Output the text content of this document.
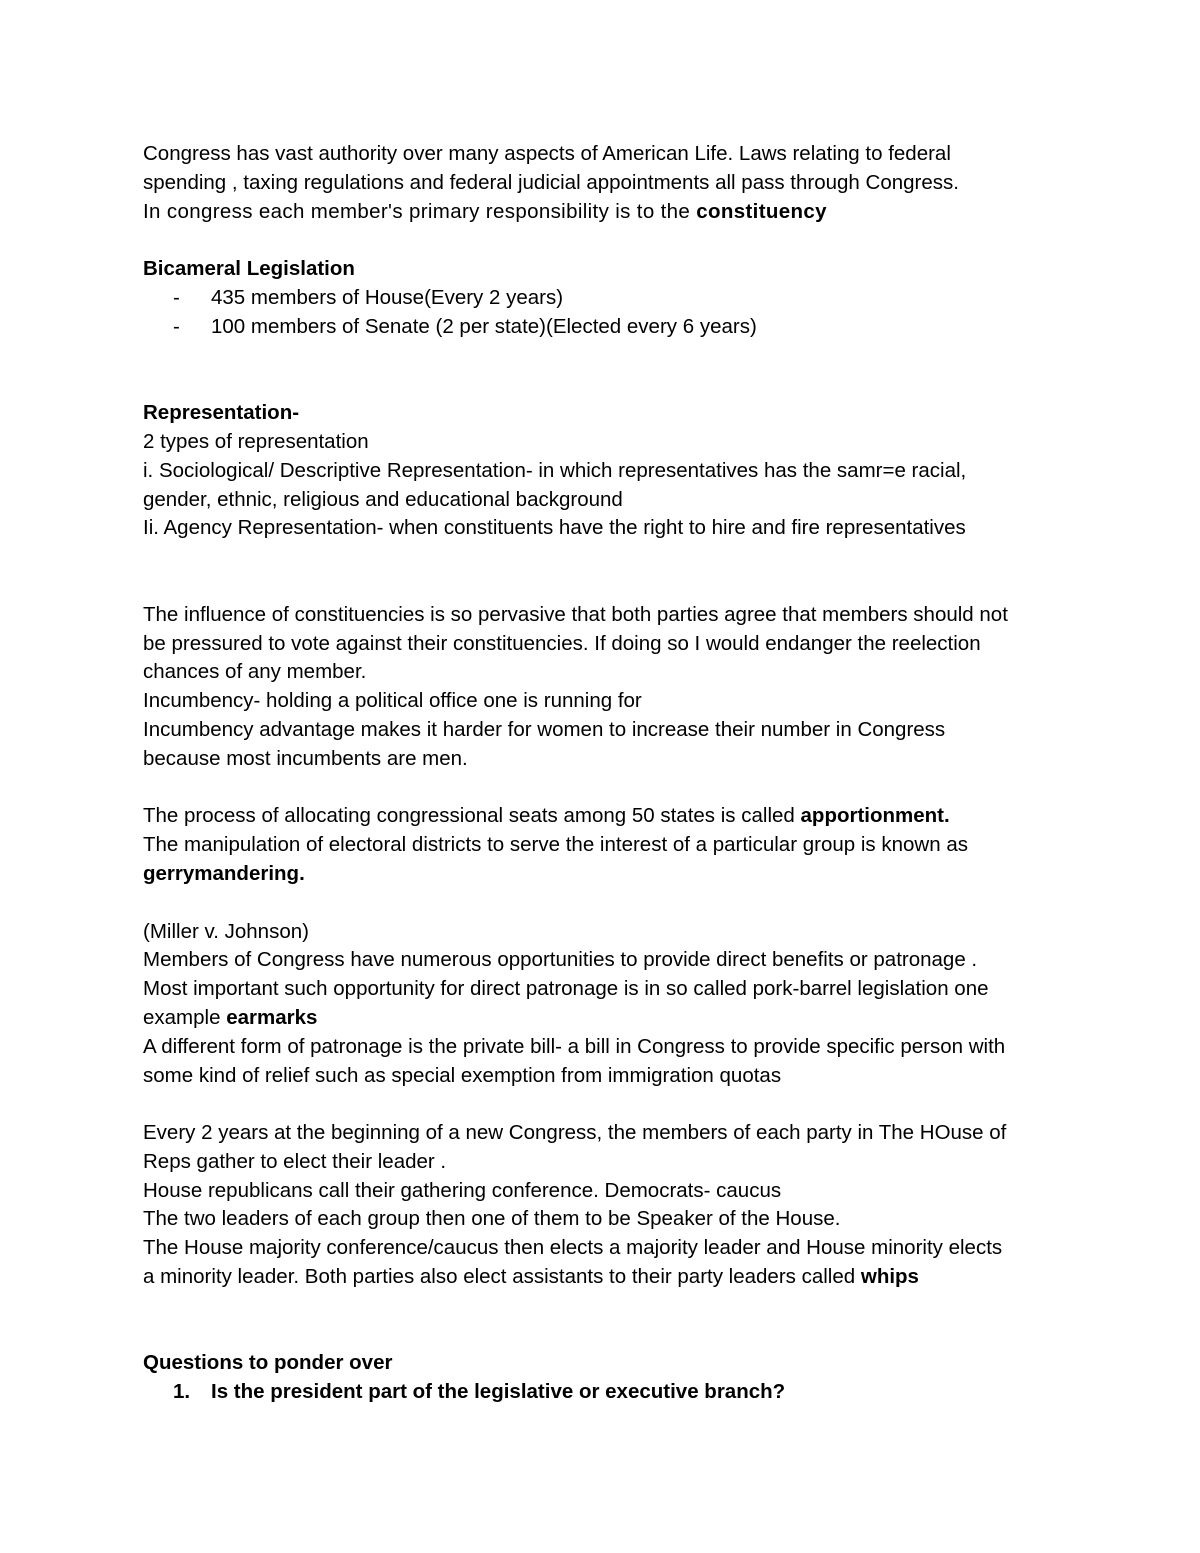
Congress has vast authority over many aspects of American Life. Laws relating to federal
spending , taxing regulations and federal judicial appointments all pass through Congress.
In congress each member's primary responsibility is to the constituency
Bicameral Legislation
- 435 members of House(Every 2 years)
- 100 members of Senate (2 per state)(Elected every 6 years)
Representation-
2 types of representation
i. Sociological/ Descriptive Representation- in which representatives has the samr=e racial,
gender, ethnic, religious and educational background
Ii. Agency Representation- when constituents have the right to hire and fire representatives
The influence of constituencies is so pervasive that both parties agree that members should not
be pressured to vote against their constituencies. If doing so I would endanger the reelection
chances of any member.
Incumbency- holding a political office one is running for
Incumbency advantage makes it harder for women to increase their number in Congress
because most incumbents are men.
The process of allocating congressional seats among 50 states is called apportionment.
The manipulation of electoral districts to serve the interest of a particular group is known as
gerrymandering.
(Miller v. Johnson)
Members of Congress have numerous opportunities to provide direct benefits or patronage .
Most important such opportunity for direct patronage is in so called pork-barrel legislation one
example earmarks
A different form of patronage is the private bill- a bill in Congress to provide specific person with
some kind of relief such as special exemption from immigration quotas
Every 2 years at the beginning of a new Congress, the members of each party in The HOuse of
Reps gather to elect their leader .
House republicans call their gathering conference. Democrats- caucus
The two leaders of each group then one of them to be Speaker of the House.
The House majority conference/caucus then elects a majority leader and House minority elects
a minority leader. Both parties also elect assistants to their party leaders called whips
Questions to ponder over
1. Is the president part of the legislative or executive branch?
